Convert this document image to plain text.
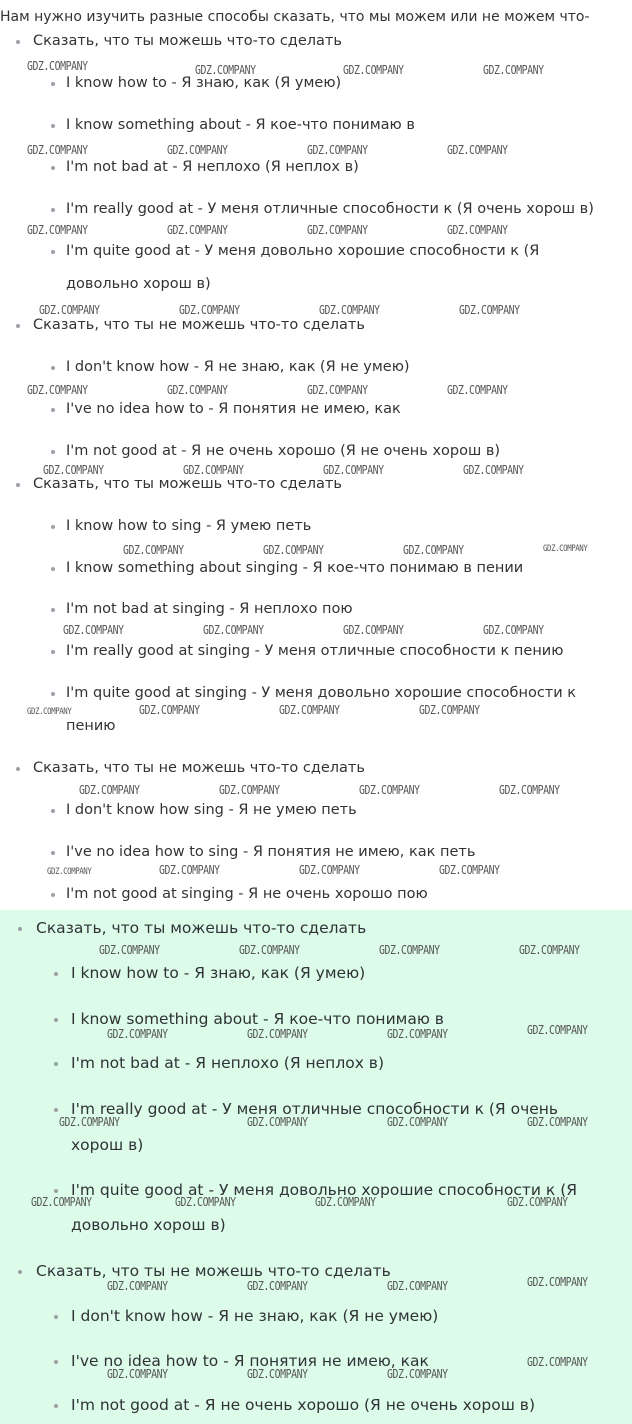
Нам нужно изучить разные способы сказать, что мы можем или не можем что-
Сказать, что ты можешь что-то сделать
I know how to - Я знаю, как (Я умею)
I know something about - Я кое-что понимаю в
I'm not bad at - Я неплохо (Я неплох в)
I'm really good at - У меня отличные способности к (Я очень хорош в)
I'm quite good at - У меня довольно хорошие способности к (Я
довольно хорош в)
Сказать, что ты не можешь что-то сделать
I don't know how - Я не знаю, как (Я не умею)
I've no idea how to - Я понятия не имею, как
I'm not good at - Я не очень хорошо (Я не очень хорош в)
Сказать, что ты можешь что-то сделать
I know how to sing - Я умею петь
I know something about singing - Я кое-что понимаю в пении
I'm not bad at singing - Я неплохо пою
I'm really good at singing - У меня отличные способности к пению
I'm quite good at singing - У меня довольно хорошие способности к
пению
Сказать, что ты не можешь что-то сделать
I don't know how sing - Я не умею петь
I've no idea how to sing - Я понятия не имею, как петь
I'm not good at singing - Я не очень хорошо пою
Сказать, что ты можешь что-то сделать
I know how to - Я знаю, как (Я умею)
I know something about - Я кое-что понимаю в
I'm not bad at - Я неплохо (Я неплох в)
I'm really good at - У меня отличные способности к (Я очень
хорош в)
I'm quite good at - У меня довольно хорошие способности к (Я
довольно хорош в)
Сказать, что ты не можешь что-то сделать
I don't know how - Я не знаю, как (Я не умею)
I've no idea how to - Я понятия не имею, как
I'm not good at - Я не очень хорошо (Я не очень хорош в)
GDZ.COMPANY	GDZ.COMPANY	GDZ.COMPANY	GDZ.COMPANY
GDZ.COMPANY	GDZ.COMPANY	GDZ.COMPANY	GDZ.COMPANY
GDZ.COMPANY	GDZ.COMPANY	GDZ.COMPANY	GDZ.COMPANY
GDZ.COMPANY	GDZ.COMPANY	GDZ.COMPANY	GDZ.COMPANY
GDZ.COMPANY	GDZ.COMPANY	GDZ.COMPANY	GDZ.COMPANY
GDZ.COMPANY	GDZ.COMPANY	GDZ.COMPANY	GDZ.COMPANY
GDZ.COMPANY	GDZ.COMPANY	GDZ.COMPANY	GDZ.COMPANY
GDZ.COMPANY	GDZ.COMPANY	GDZ.COMPANY	GDZ.COMPANY
GDZ.COMPANY	GDZ.COMPANY	GDZ.COMPANY	GDZ.COMPANY
GDZ.COMPANY	GDZ.COMPANY	GDZ.COMPANY	GDZ.COMPANY
GDZ.COMPANY	GDZ.COMPANY	GDZ.COMPANY	GDZ.COMPANY
GDZ.COMPANY	GDZ.COMPANY	GDZ.COMPANY	GDZ.COMPANY
GDZ.COMPANY	GDZ.COMPANY	GDZ.COMPANY	GDZ.COMPANY
GDZ.COMPANY	GDZ.COMPANY	GDZ.COMPANY	GDZ.COMPANY
GDZ.COMPANY	GDZ.COMPANY	GDZ.COMPANY	GDZ.COMPANY
GDZ.COMPANY	GDZ.COMPANY	GDZ.COMPANY	GDZ.COMPANY
GDZ.COMPANY	GDZ.COMPANY	GDZ.COMPANY
GDZ.COMPANY
